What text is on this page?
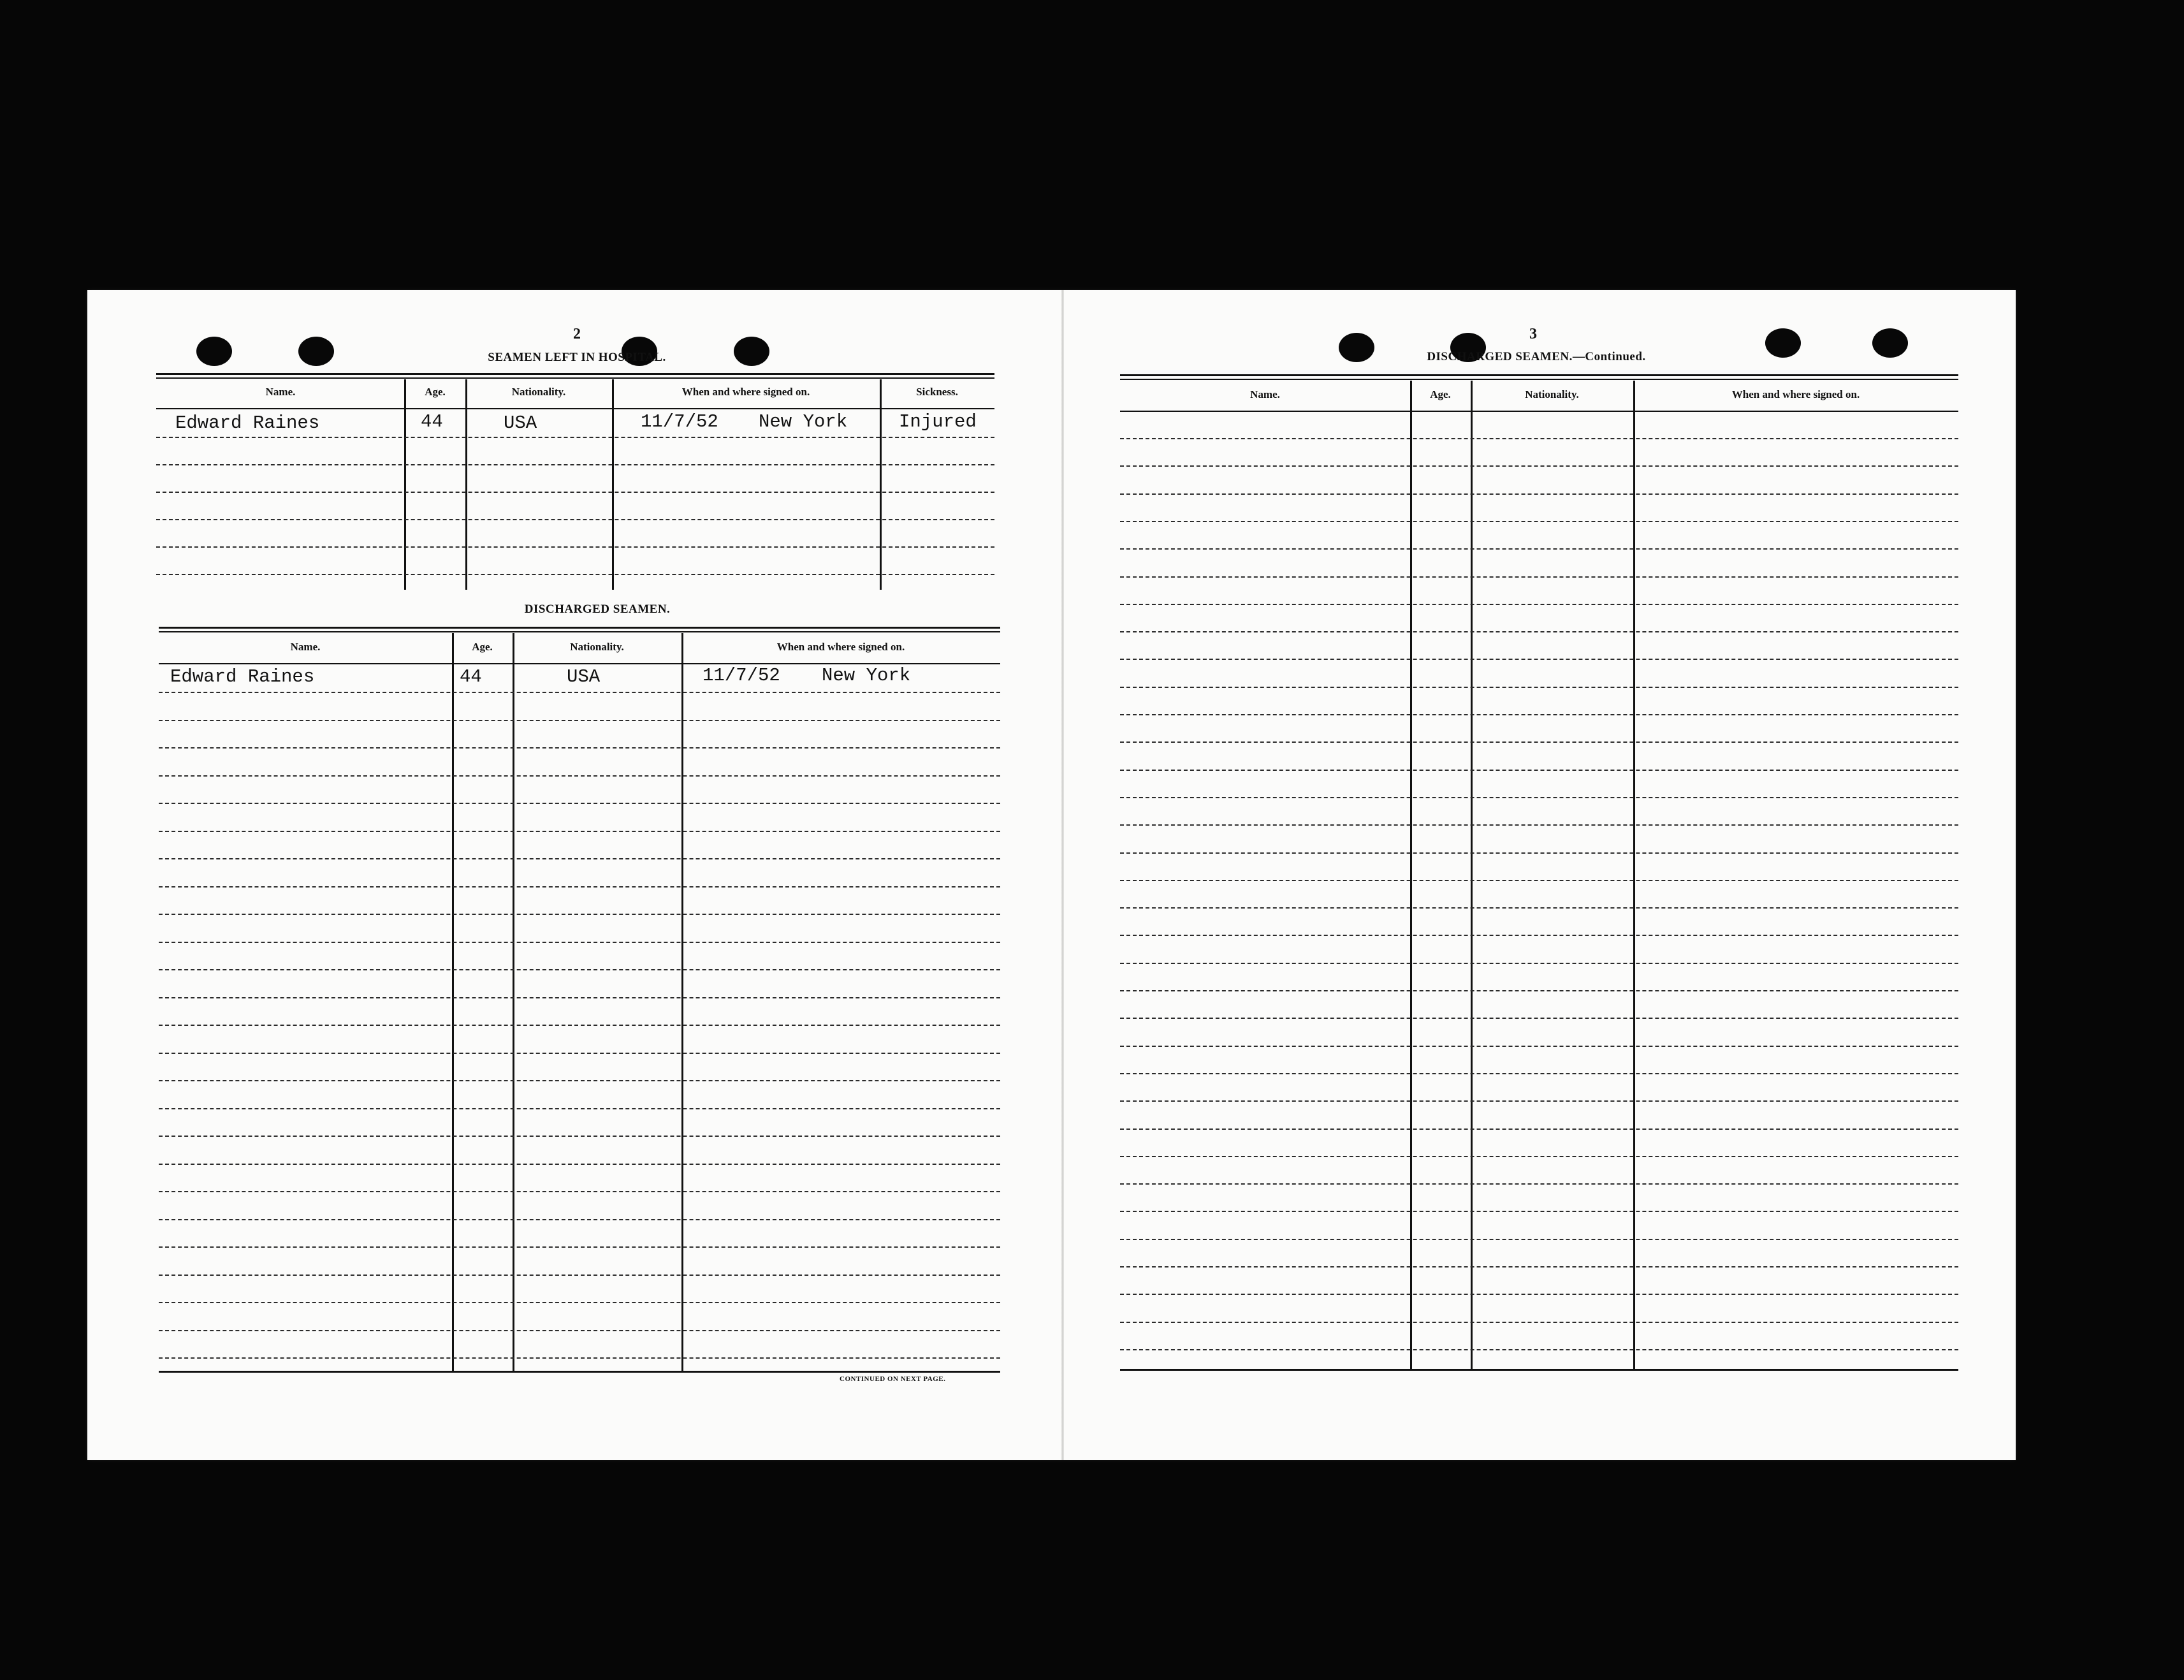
2
SEAMEN LEFT IN HOSPITAL.
Name.	Age.	Nationality.	When and where signed on.	Sickness.
Edward Raines	44	USA	11/7/52 New York	Injured
DISCHARGED SEAMEN.
Name.	Age.	Nationality.	When and where signed on.
Edward Raines	44	USA	11/7/52 New York
CONTINUED ON NEXT PAGE.
3
DISCHARGED SEAMEN.—Continued.
Name.	Age.	Nationality.	When and where signed on.
